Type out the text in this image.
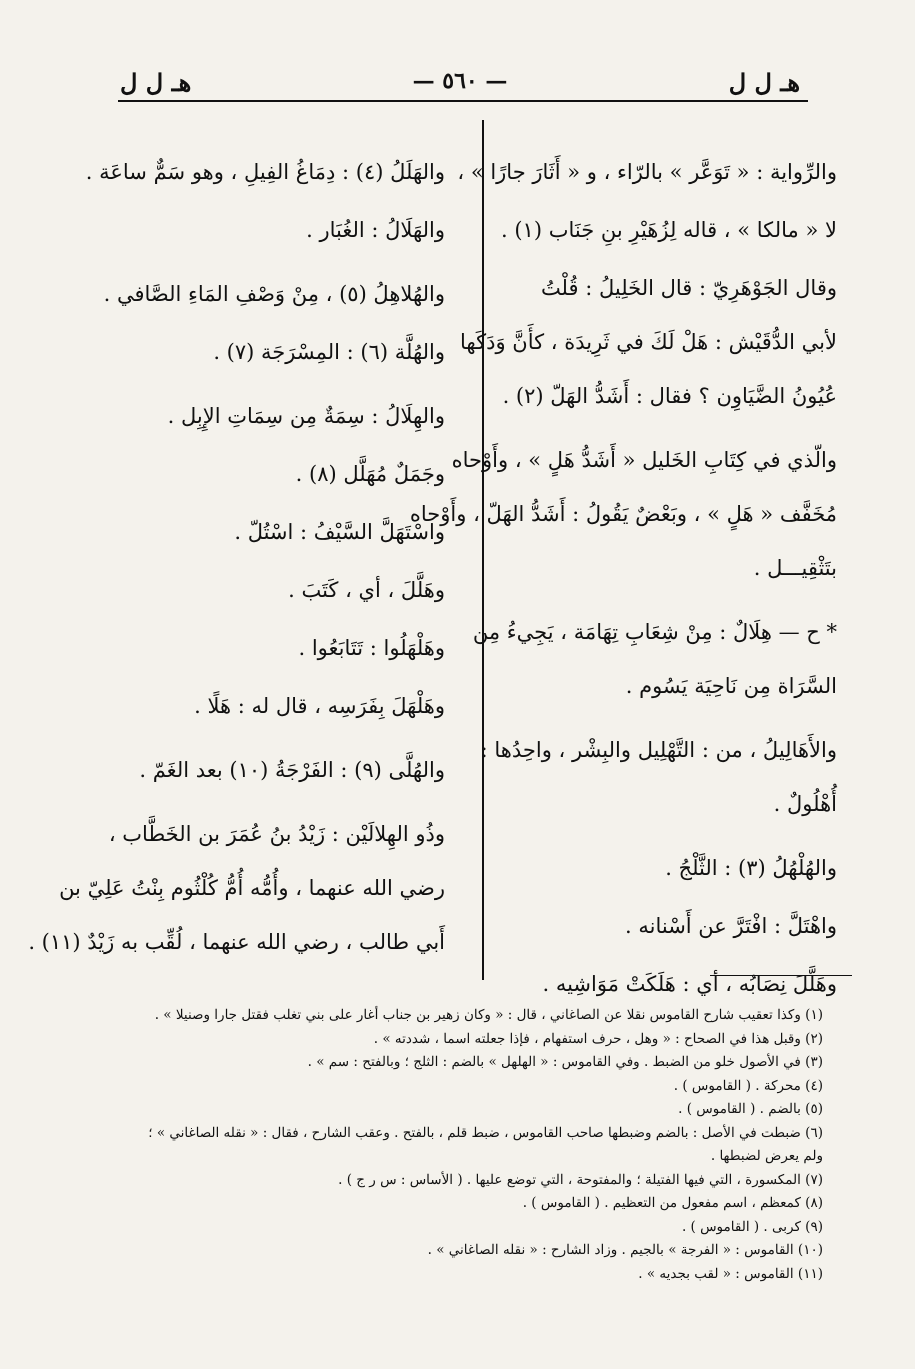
هـ ل ل
— ٥٦٠ —
هـ ل ل

والرِّواية : « تَوَعَّر » بالرّاء ، و « أَثَارَ جارًا » ،

لا « مالكا » ، قاله لِزُهَيْرِ بنِ جَنَاب (١) .

وقال الجَوْهَرِيّ : قال الخَلِيلُ : قُلْتُ

لأبي الدُّقَيْش : هَلْ لَكَ في ثَرِيدَة ، كأَنَّ وَدَكَها

عُيُونُ الضَّيَاوِن ؟ فقال : أَشَدُّ الهَلّ (٢) .

والّذي في كِتَابِ الخَليل « أَشَدُّ هَلٍ » ، وأَوْحاه

مُخَفَّف « هَلٍ » ، وبَعْضٌ يَقُولُ : أَشَدُّ الهَلّ ، وأَوْحاه

بتَثْقِيـــل .

* ح — هِلَالٌ : مِنْ شِعَابِ تِهَامَة ، يَجِيءُ مِن

السَّرَاة مِن نَاحِيَة يَسُوم .

والأَهَالِيلُ ، من : التَّهْلِيل والبِشْر ، واحِدُها :

أُهْلُولٌ .

والهُلْهُلُ (٣) : الثَّلْجُ .

واهْتَلَّ : افْتَرَّ عن أَسْنانه .

وهَلَّلَ نِصَابُه ، أي : هَلَكَتْ مَوَاشِيه .

والهَلَلُ (٤) : دِمَاغُ الفِيلِ ، وهو سَمٌّ ساعَة .

والهَلَالُ : الغُبَار .

والهُلاهِلُ (٥) ، مِنْ وَصْفِ المَاءِ الصَّافي .

والهُلَّة (٦) : المِسْرَجَة (٧) .

والهِلَالُ : سِمَةٌ مِن سِمَاتِ الإِبِل .

وجَمَلٌ مُهَلَّل (٨) .

واسْتَهَلَّ السَّيْفُ : اسْتُلّ .

وهَلَّلَ ، أي ، كَتَبَ .

وهَلْهَلُوا : تَتَابَعُوا .

وهَلْهَلَ بِفَرَسِه ، قال له : هَلًا .

والهُلَّى (٩) : الفَرْجَةُ (١٠) بعد الغَمّ .

وذُو الهِلالَيْن : زَيْدُ بنُ عُمَرَ بن الخَطَّاب ،

رضي الله عنهما ، وأُمُّه أُمُّ كُلْثُوم بِنْتُ عَلِيّ بن

أَبي طالب ، رضي الله عنهما ، لُقِّب به زَيْدٌ (١١) .

(١) وكذا تعقيب شارح القاموس نقلا عن الصاغاني ، قال : « وكان زهير بن جناب أغار على بني تغلب فقتل جارا وصنيلا » .
(٢) وقبل هذا في الصحاح : « وهل ، حرف استفهام ، فإذا جعلته اسما ، شددته » .
(٣) في الأصول خلو من الضبط . وفي القاموس : « الهلهل » بالضم : الثلج ؛ وبالفتح : سم » .
(٤) محركة . ( القاموس ) .
(٥) بالضم . ( القاموس ) .
(٦) ضبطت في الأصل : بالضم وضبطها صاحب القاموس ، ضبط قلم ، بالفتح . وعقب الشارح ، فقال : « نقله الصاغاني » ؛
ولم يعرض لضبطها .
(٧) المكسورة ، التي فيها الفتيلة ؛ والمفتوحة ، التي توضع عليها . ( الأساس : س ر ج ) .
(٨) كمعظم ، اسم مفعول من التعظيم . ( القاموس ) .
(٩) كربى . ( القاموس ) .
(١٠) القاموس : « الفرجة » بالجيم . وزاد الشارح : « نقله الصاغاني » .
(١١) القاموس : « لقب بجديه » .
